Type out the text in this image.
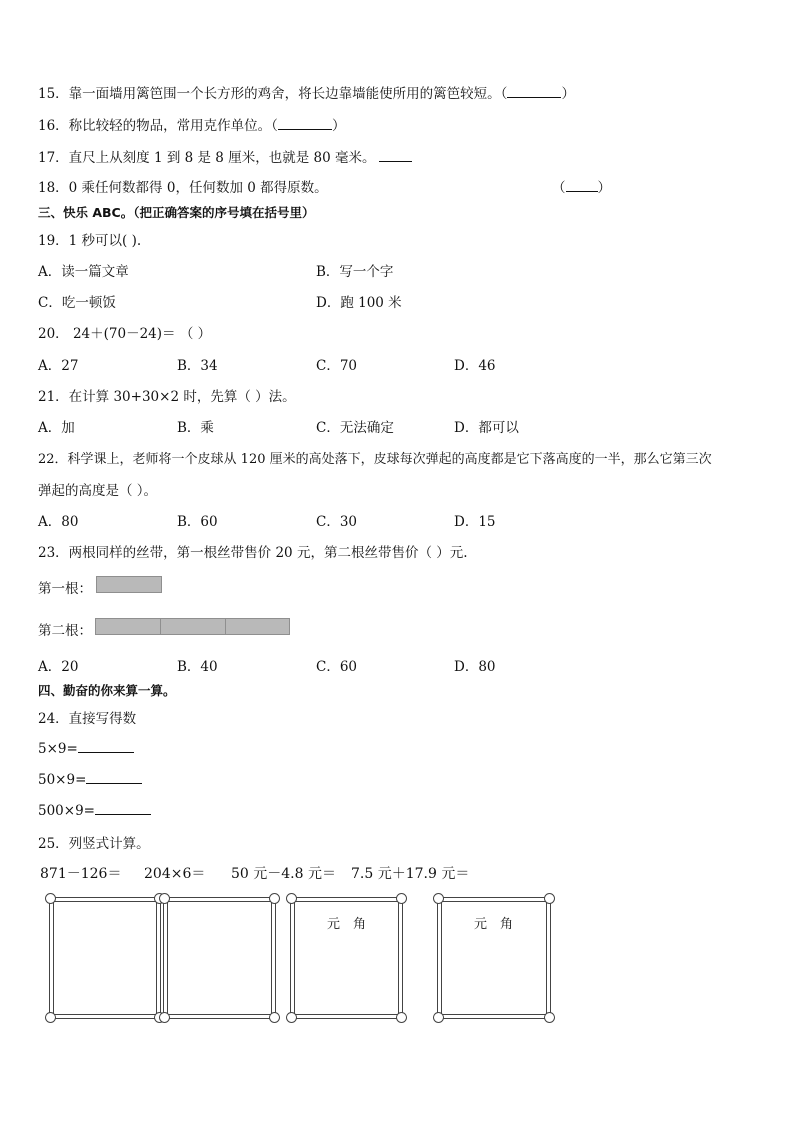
15．靠一面墙用篱笆围一个长方形的鸡舍，将长边靠墙能使所用的篱笆较短。（	）
16．称比较轻的物品，常用克作单位。（	）
17．直尺上从刻度 1 到 8 是 8 厘米，也就是 80 毫米。
18．0 乘任何数都得 0，任何数加 0 都得原数。	（ ）
三、快乐 ABC。（把正确答案的序号填在括号里）
19．1 秒可以( ).
A．读一篇文章	B．写一个字
C．吃一顿饭	D．跑 100 米
20． 24＋(70－24)＝ （ ）
A．27	B．34	C．70	D．46
21．在计算 30+30×2 时，先算（ ）法。
A．加	B．乘	C．无法确定	D．都可以
22．科学课上，老师将一个皮球从 120 厘米的高处落下，皮球每次弹起的高度都是它下落高度的一半，那么它第三次
弹起的高度是（ ）。
A．80	B．60	C．30	D．15
23．两根同样的丝带，第一根丝带售价 20 元，第二根丝带售价（ ）元.
第一根：
第二根：
A．20	B．40	C．60	D．80
四、勤奋的你来算一算。
24．直接写得数
5×9=
50×9=
500×9=
25．列竖式计算。
871－126＝ 204×6＝ 50 元－4.8 元＝ 7.5 元＋17.9 元＝
元 角	元 角
